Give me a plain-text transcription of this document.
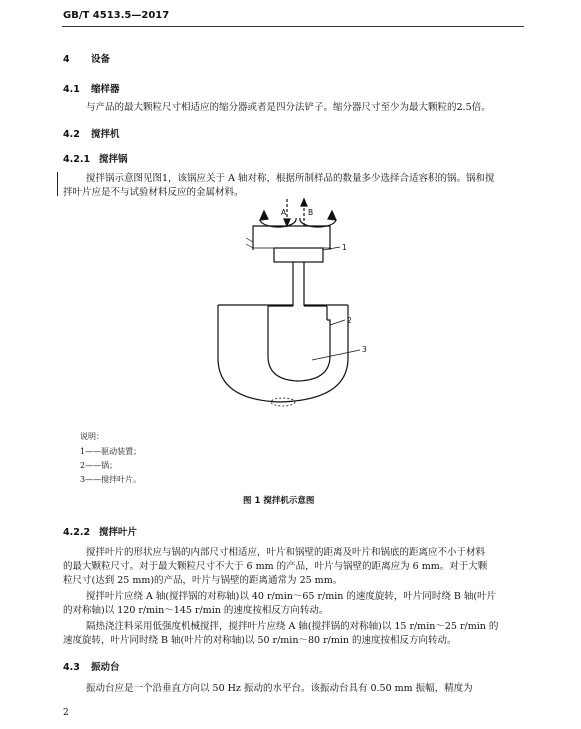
GB/T 4513.5—2017
4 设备
4.1 缩样器
与产品的最大颗粒尺寸相适应的缩分器或者是四分法铲子。缩分器尺寸至少为最大颗粒的2.5倍。
4.2 搅拌机
4.2.1 搅拌锅
搅拌锅示意图见图1，该锅应关于 A 轴对称，根据所制样品的数量多少选择合适容积的锅。锅和搅
拌叶片应是不与试验材料反应的金属材料。
A	B
1
2
3
说明：
1——驱动装置；
2——锅；
3——搅拌叶片。
图 1 搅拌机示意图
4.2.2 搅拌叶片
搅拌叶片的形状应与锅的内部尺寸相适应，叶片和锅壁的距离及叶片和锅底的距离应不小于材料
的最大颗粒尺寸。对于最大颗粒尺寸不大于 6 mm 的产品，叶片与锅壁的距离应为 6 mm。对于大颗
粒尺寸(达到 25 mm)的产品，叶片与锅壁的距离通常为 25 mm。
搅拌叶片应绕 A 轴(搅拌锅的对称轴)以 40 r/min～65 r/min 的速度旋转，叶片同时绕 B 轴(叶片
的对称轴)以 120 r/min～145 r/min 的速度按相反方向转动。
隔热浇注料采用低强度机械搅拌，搅拌叶片应绕 A 轴(搅拌锅的对称轴)以 15 r/min～25 r/min 的
速度旋转，叶片同时绕 B 轴(叶片的对称轴)以 50 r/min～80 r/min 的速度按相反方向转动。
4.3 振动台
振动台应是一个沿垂直方向以 50 Hz 振动的水平台。该振动台具有 0.50 mm 振幅，精度为
2
